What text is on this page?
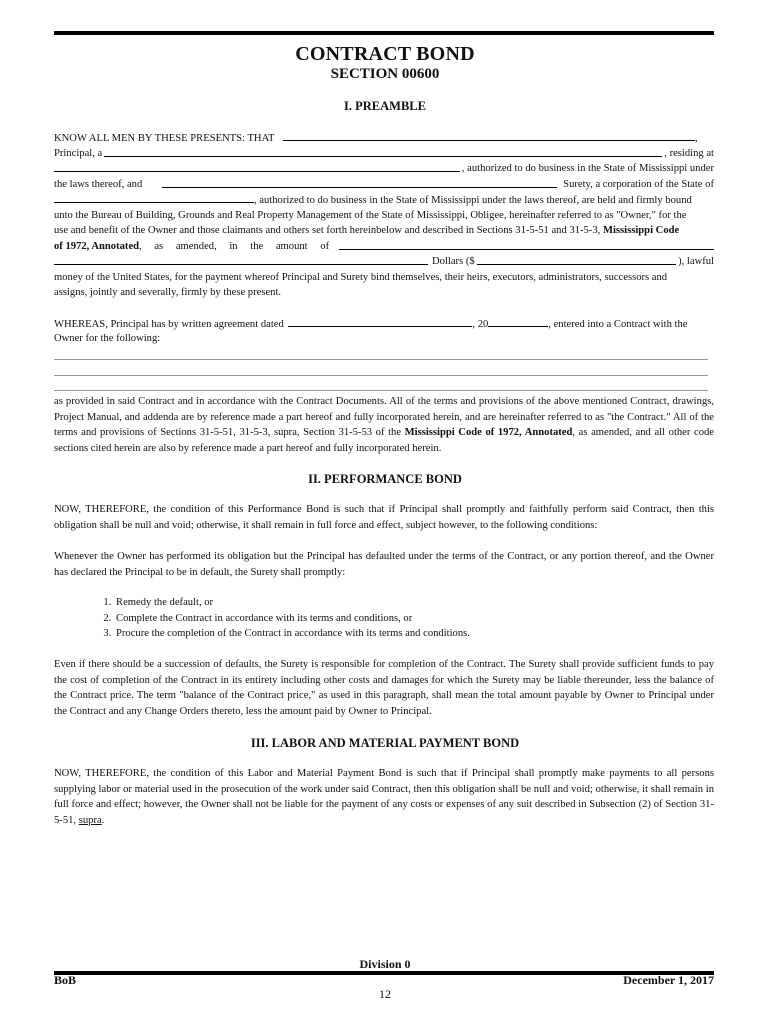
CONTRACT BOND
SECTION 00600
I. PREAMBLE
KNOW ALL MEN BY THESE PRESENTS: THAT	,
Principal, a	, residing at
, authorized to do business in the State of Mississippi under
the laws thereof, and	Surety, a corporation of the State of
, authorized to do business in the State of Mississippi under the laws thereof, are held and firmly bound
unto the Bureau of Building, Grounds and Real Property Management of the State of Mississippi, Obligee, hereinafter referred to as "Owner," for the
use and benefit of the Owner and those claimants and others set forth hereinbelow and described in Sections 31-5-51 and 31-5-3, Mississippi Code
of 1972, Annotated, as amended, in the amount of
Dollars ($	), lawful
money of the United States, for the payment whereof Principal and Surety bind themselves, their heirs, executors, administrators, successors and
assigns, jointly and severally, firmly by these present.
WHEREAS, Principal has by written agreement dated	, 20	, entered into a Contract with the
Owner for the following:
as provided in said Contract and in accordance with the Contract Documents. All of the terms and provisions of the above mentioned Contract, drawings, Project Manual, and addenda are by reference made a part hereof and fully incorporated herein, and are hereinafter referred to as "the Contract." All of the terms and provisions of Sections 31-5-51, 31-5-3, supra, Section 31-5-53 of the Mississippi Code of 1972, Annotated, as amended, and all other code sections cited herein are also by reference made a part hereof and fully incorporated herein.
II. PERFORMANCE BOND
NOW, THEREFORE, the condition of this Performance Bond is such that if Principal shall promptly and faithfully perform said Contract, then this obligation shall be null and void; otherwise, it shall remain in full force and effect, subject however, to the following conditions:
Whenever the Owner has performed its obligation but the Principal has defaulted under the terms of the Contract, or any portion thereof, and the Owner has declared the Principal to be in default, the Surety shall promptly:
1. Remedy the default, or
2. Complete the Contract in accordance with its terms and conditions, or
3. Procure the completion of the Contract in accordance with its terms and conditions.
Even if there should be a succession of defaults, the Surety is responsible for completion of the Contract. The Surety shall provide sufficient funds to pay the cost of completion of the Contract in its entirety including other costs and damages for which the Surety may be liable thereunder, less the balance of the Contract price. The term "balance of the Contract price," as used in this paragraph, shall mean the total amount payable by Owner to Principal under the Contract and any Change Orders thereto, less the amount paid by Owner to Principal.
III. LABOR AND MATERIAL PAYMENT BOND
NOW, THEREFORE, the condition of this Labor and Material Payment Bond is such that if Principal shall promptly make payments to all persons supplying labor or material used in the prosecution of the work under said Contract, then this obligation shall be null and void; otherwise, it shall remain in full force and effect; however, the Owner shall not be liable for the payment of any costs or expenses of any suit described in Subsection (2) of Section 31-5-51, supra.
Division 0
BoB	December 1, 2017
12
